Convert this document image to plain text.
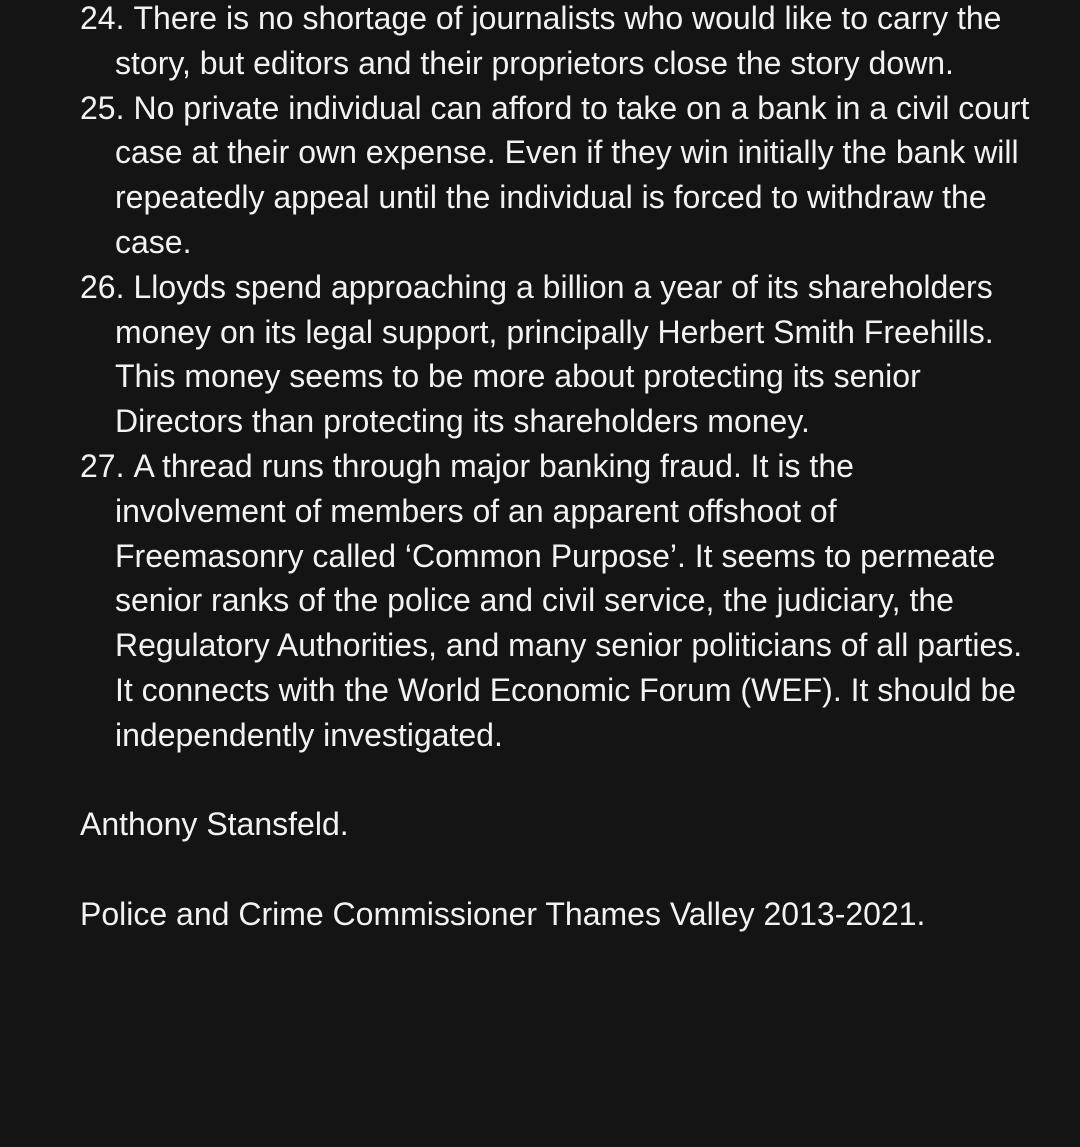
24. There is no shortage of journalists who would like to carry the story, but editors and their proprietors close the story down.
25. No private individual can afford to take on a bank in a civil court case at their own expense. Even if they win initially the bank will repeatedly appeal until the individual is forced to withdraw the case.
26. Lloyds spend approaching a billion a year of its shareholders money on its legal support, principally Herbert Smith Freehills. This money seems to be more about protecting its senior Directors than protecting its shareholders money.
27. A thread runs through major banking fraud. It is the involvement of members of an apparent offshoot of Freemasonry called ‘Common Purpose’. It seems to permeate senior ranks of the police and civil service, the judiciary, the Regulatory Authorities, and many senior politicians of all parties. It connects with the World Economic Forum (WEF). It should be independently investigated.
Anthony Stansfeld.
Police and Crime Commissioner Thames Valley 2013-2021.
